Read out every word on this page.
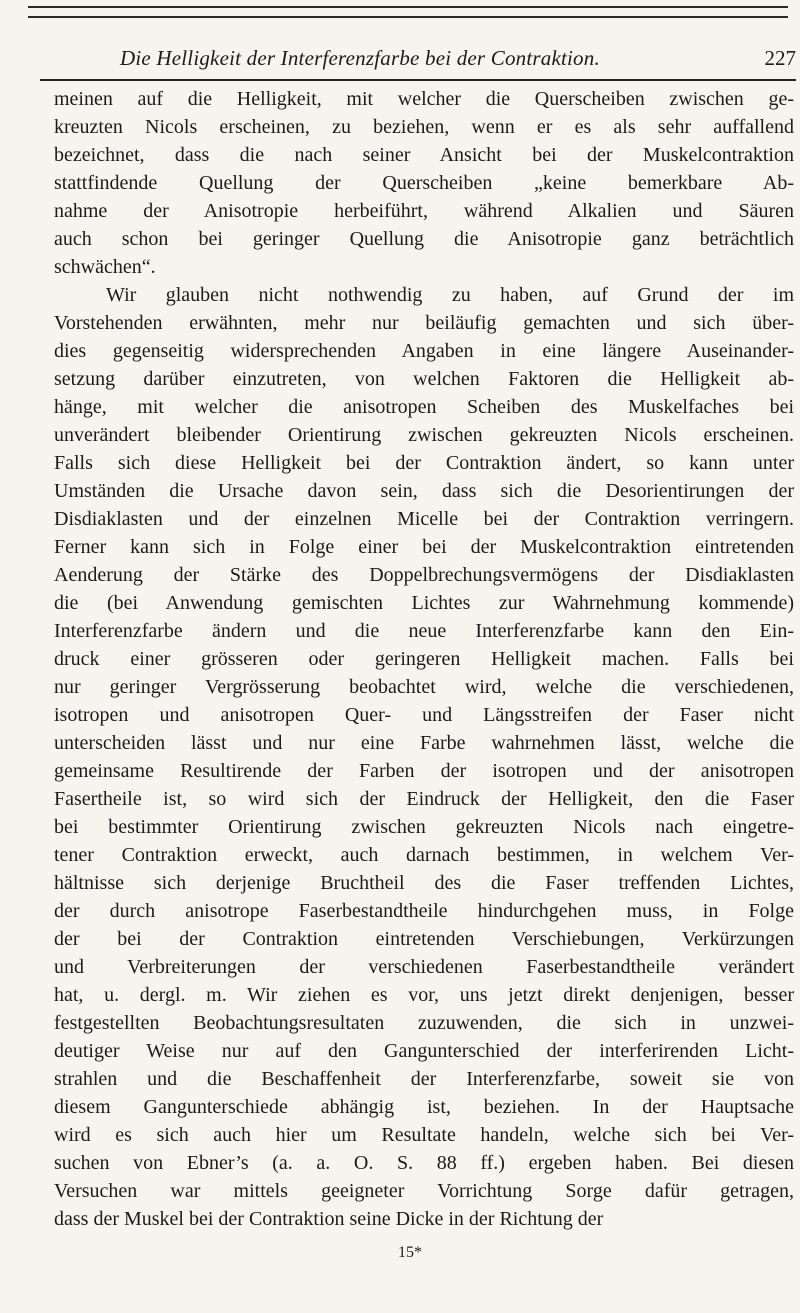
Die Helligkeit der Interferenzfarbe bei der Contraktion.	227
meinen auf die Helligkeit, mit welcher die Querscheiben zwischen ge-
kreuzten Nicols erscheinen, zu beziehen, wenn er es als sehr auffallend
bezeichnet, dass die nach seiner Ansicht bei der Muskelcontraktion
stattfindende Quellung der Querscheiben „keine bemerkbare Ab-
nahme der Anisotropie herbeiführt, während Alkalien und Säuren
auch schon bei geringer Quellung die Anisotropie ganz beträchtlich
schwächen“.
Wir glauben nicht nothwendig zu haben, auf Grund der im
Vorstehenden erwähnten, mehr nur beiläufig gemachten und sich über-
dies gegenseitig widersprechenden Angaben in eine längere Auseinander-
setzung darüber einzutreten, von welchen Faktoren die Helligkeit ab-
hänge, mit welcher die anisotropen Scheiben des Muskelfaches bei
unverändert bleibender Orientirung zwischen gekreuzten Nicols erscheinen.
Falls sich diese Helligkeit bei der Contraktion ändert, so kann unter
Umständen die Ursache davon sein, dass sich die Desorientirungen der
Disdiaklasten und der einzelnen Micelle bei der Contraktion verringern.
Ferner kann sich in Folge einer bei der Muskelcontraktion eintretenden
Aenderung der Stärke des Doppelbrechungsvermögens der Disdiaklasten
die (bei Anwendung gemischten Lichtes zur Wahrnehmung kommende)
Interferenzfarbe ändern und die neue Interferenzfarbe kann den Ein-
druck einer grösseren oder geringeren Helligkeit machen. Falls bei
nur geringer Vergrösserung beobachtet wird, welche die verschiedenen,
isotropen und anisotropen Quer- und Längsstreifen der Faser nicht
unterscheiden lässt und nur eine Farbe wahrnehmen lässt, welche die
gemeinsame Resultirende der Farben der isotropen und der anisotropen
Fasertheile ist, so wird sich der Eindruck der Helligkeit, den die Faser
bei bestimmter Orientirung zwischen gekreuzten Nicols nach eingetre-
tener Contraktion erweckt, auch darnach bestimmen, in welchem Ver-
hältnisse sich derjenige Bruchtheil des die Faser treffenden Lichtes,
der durch anisotrope Faserbestandtheile hindurchgehen muss, in Folge
der bei der Contraktion eintretenden Verschiebungen, Verkürzungen
und Verbreiterungen der verschiedenen Faserbestandtheile verändert
hat, u. dergl. m. Wir ziehen es vor, uns jetzt direkt denjenigen, besser
festgestellten Beobachtungsresultaten zuzuwenden, die sich in unzwei-
deutiger Weise nur auf den Gangunterschied der interferirenden Licht-
strahlen und die Beschaffenheit der Interferenzfarbe, soweit sie von
diesem Gangunterschiede abhängig ist, beziehen. In der Hauptsache
wird es sich auch hier um Resultate handeln, welche sich bei Ver-
suchen von Ebner’s (a. a. O. S. 88 ff.) ergeben haben. Bei diesen
Versuchen war mittels geeigneter Vorrichtung Sorge dafür getragen,
dass der Muskel bei der Contraktion seine Dicke in der Richtung der
15*
